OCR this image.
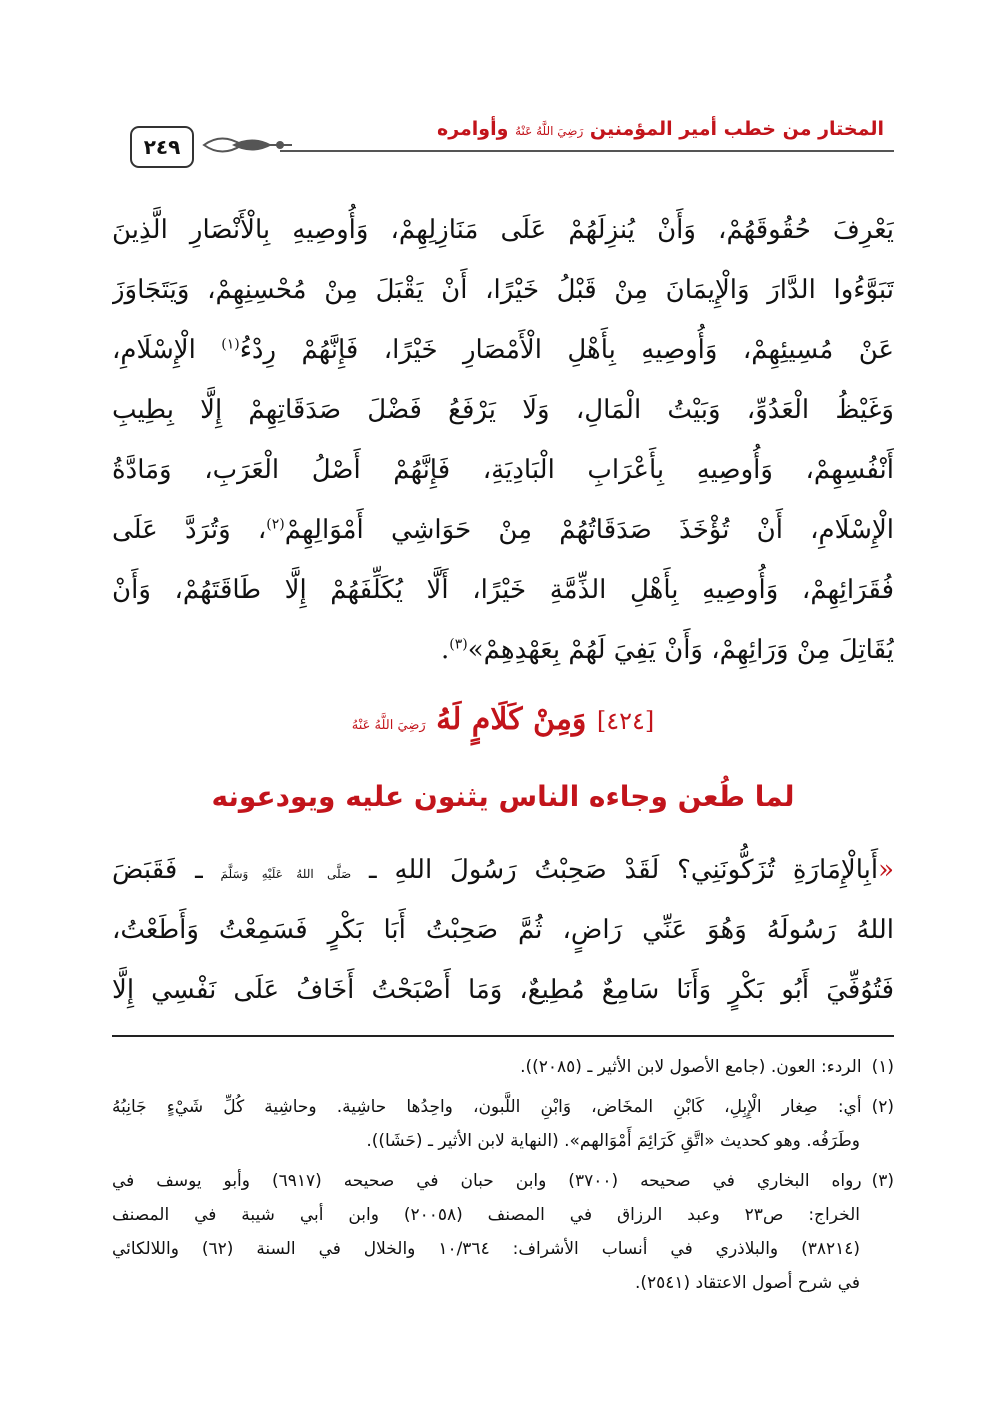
٢٤٩
المختار من خطب أمير المؤمنين رَضِيَ اللَّهُ عَنْهُ وأوامره
يَعْرِفَ حُقُوقَهُمْ، وَأَنْ يُنزِلَهُمْ عَلَى مَنَازِلِهِمْ، وَأُوصِيهِ بِالْأَنْصَارِ الَّذِينَ
تَبَوَّءُوا الدَّارَ وَالْإِيمَانَ مِنْ قَبْلُ خَيْرًا، أَنْ يَقْبَلَ مِنْ مُحْسِنِهِمْ، وَيَتَجَاوَزَ
عَنْ مُسِيئِهِمْ، وَأُوصِيهِ بِأَهْلِ الْأَمْصَارِ خَيْرًا، فَإِنَّهُمْ رِدْءُ$^{(١)}$ الْإِسْلَامِ،
وَغَيْظُ الْعَدُوِّ، وَبَيْتُ الْمَالِ، وَلَا يَرْفَعُ فَضْلَ صَدَقَاتِهِمْ إِلَّا بِطِيبِ
أَنْفُسِهِمْ، وَأُوصِيهِ بِأَعْرَابِ الْبَادِيَةِ، فَإِنَّهُمْ أَصْلُ الْعَرَبِ، وَمَادَّةُ
الْإِسْلَامِ، أَنْ تُؤْخَذَ صَدَقَاتُهُمْ مِنْ حَوَاشِي أَمْوَالِهِمْ$^{(٢)}$، وَتُرَدَّ عَلَى
فُقَرَائِهِمْ، وَأُوصِيهِ بِأَهْلِ الذِّمَّةِ خَيْرًا، أَلَّا يُكَلِّفَهُمْ إِلَّا طَاقَتَهُمْ، وَأَنْ
يُقَاتِلَ مِنْ وَرَائِهِمْ، وَأَنْ يَفِيَ لَهُمْ بِعَهْدِهِمْ»$^{(٣)}$.
[٤٢٤] وَمِنْ كَلَامٍ لَهُ رَضِيَ اللَّهُ عَنْهُ
لما طُعن وجاءه الناس يثنون عليه ويودعونه
«أَبِالْإِمَارَةِ تُزَكُّونَنِي؟ لَقَدْ صَحِبْتُ رَسُولَ اللهِ ـ صَلَّى اللهُ عَلَيْهِ وَسَلَّمَ ـ فَقَبَضَ
اللهُ رَسُولَهُ وَهُوَ عَنِّي رَاضٍ، ثُمَّ صَحِبْتُ أَبَا بَكْرٍ فَسَمِعْتُ وَأَطَعْتُ،
فَتُوُفِّيَ أَبُو بَكْرٍ وَأَنَا سَامِعٌ مُطِيعٌ، وَمَا أَصْبَحْتُ أَخَافُ عَلَى نَفْسِي إِلَّا
(١)الردء: العون. (جامع الأصول لابن الأثير ـ (٢٠٨٥)).
(٢)أي: صِغار الْإِبِلِ، كَابْنِ المخَاض، وَابْنِ اللَّبون، واحِدُها حاشِية. وحاشِية كُلِّ شَيْءٍ جَانِبُهُ
وطَرَفُه. وهو كحديث «اتَّقِ كَرَائِمَ أَمْوَالهم». (النهاية لابن الأثير ـ (حَشَا)).
(٣)رواه البخاري في صحيحه (٣٧٠٠) وابن حبان في صحيحه (٦٩١٧) وأبو يوسف في
الخراج: ص٢٣ وعبد الرزاق في المصنف (٢٠٠٥٨) وابن أبي شيبة في المصنف
(٣٨٢١٤) والبلاذري في أنساب الأشراف: ١٠/٣٦٤ والخلال في السنة (٦٢) واللالكائي
في شرح أصول الاعتقاد (٢٥٤١).
